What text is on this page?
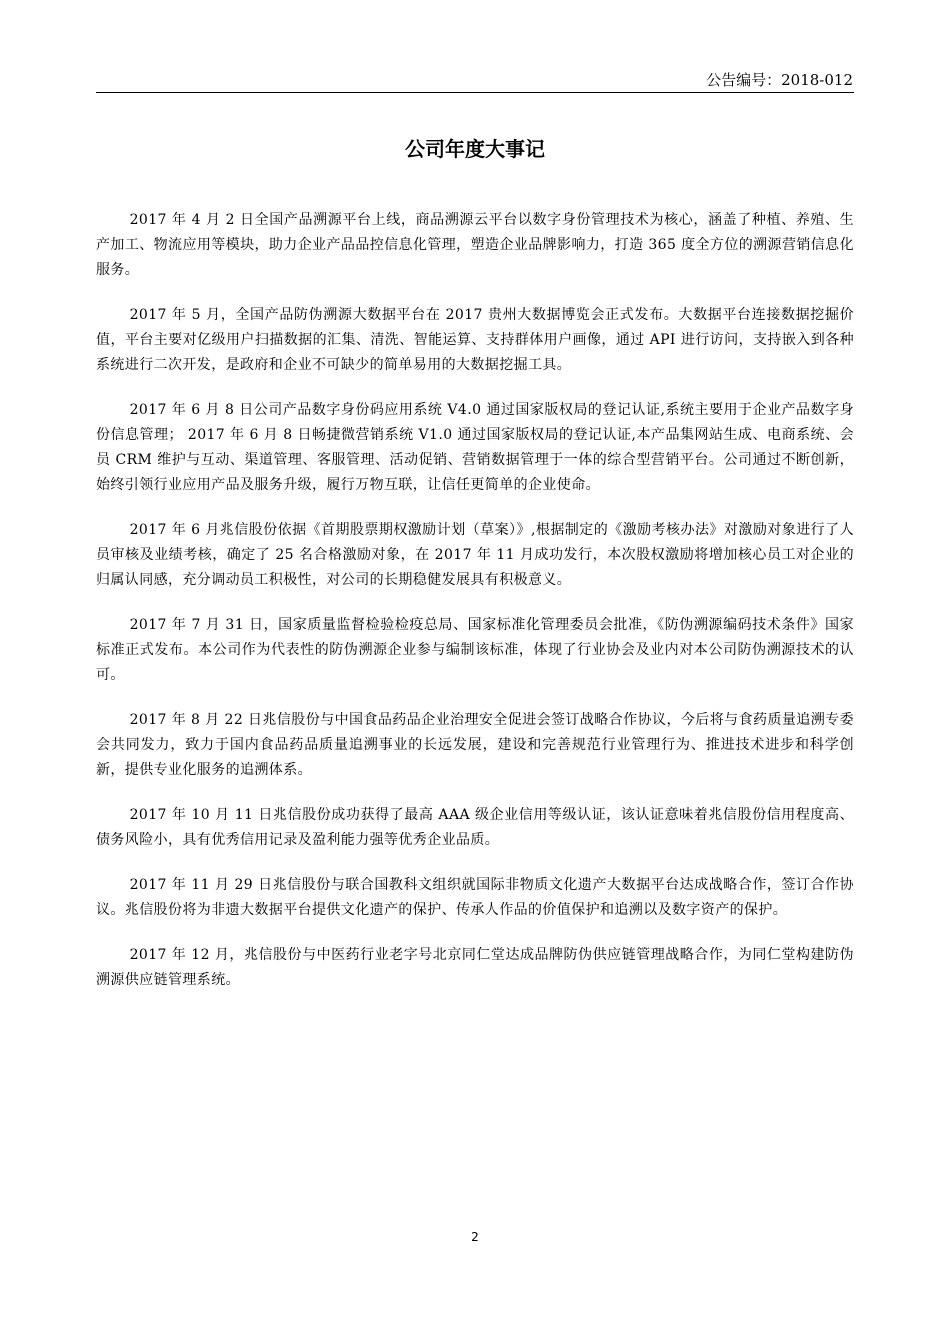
公告编号：2018-012
公司年度大事记

2017 年 4 月 2 日全国产品溯源平台上线，商品溯源云平台以数字身份管理技术为核心，涵盖了种植、养殖、生产加工、物流应用等模块，助力企业产品品控信息化管理，塑造企业品牌影响力，打造 365 度全方位的溯源营销信息化服务。

2017 年 5 月，全国产品防伪溯源大数据平台在 2017 贵州大数据博览会正式发布。大数据平台连接数据挖掘价值，平台主要对亿级用户扫描数据的汇集、清洗、智能运算、支持群体用户画像，通过 API 进行访问，支持嵌入到各种系统进行二次开发，是政府和企业不可缺少的简单易用的大数据挖掘工具。

2017 年 6 月 8 日公司产品数字身份码应用系统 V4.0 通过国家版权局的登记认证,系统主要用于企业产品数字身份信息管理； 2017 年 6 月 8 日畅捷微营销系统 V1.0 通过国家版权局的登记认证,本产品集网站生成、电商系统、会员 CRM 维护与互动、渠道管理、客服管理、活动促销、营销数据管理于一体的综合型营销平台。公司通过不断创新，始终引领行业应用产品及服务升级，履行万物互联，让信任更简单的企业使命。

2017 年 6 月兆信股份依据《首期股票期权激励计划（草案）》,根据制定的《激励考核办法》对激励对象进行了人员审核及业绩考核，确定了 25 名合格激励对象，在 2017 年 11 月成功发行，本次股权激励将增加核心员工对企业的归属认同感，充分调动员工积极性，对公司的长期稳健发展具有积极意义。

2017 年 7 月 31 日，国家质量监督检验检疫总局、国家标准化管理委员会批准，《防伪溯源编码技术条件》国家标准正式发布。本公司作为代表性的防伪溯源企业参与编制该标准，体现了行业协会及业内对本公司防伪溯源技术的认可。

2017 年 8 月 22 日兆信股份与中国食品药品企业治理安全促进会签订战略合作协议，今后将与食药质量追溯专委会共同发力，致力于国内食品药品质量追溯事业的长远发展，建设和完善规范行业管理行为、推进技术进步和科学创新，提供专业化服务的追溯体系。

2017 年 10 月 11 日兆信股份成功获得了最高 AAA 级企业信用等级认证，该认证意味着兆信股份信用程度高、债务风险小，具有优秀信用记录及盈利能力强等优秀企业品质。

2017 年 11 月 29 日兆信股份与联合国教科文组织就国际非物质文化遗产大数据平台达成战略合作，签订合作协议。兆信股份将为非遗大数据平台提供文化遗产的保护、传承人作品的价值保护和追溯以及数字资产的保护。

2017 年 12 月，兆信股份与中医药行业老字号北京同仁堂达成品牌防伪供应链管理战略合作，为同仁堂构建防伪溯源供应链管理系统。

2
